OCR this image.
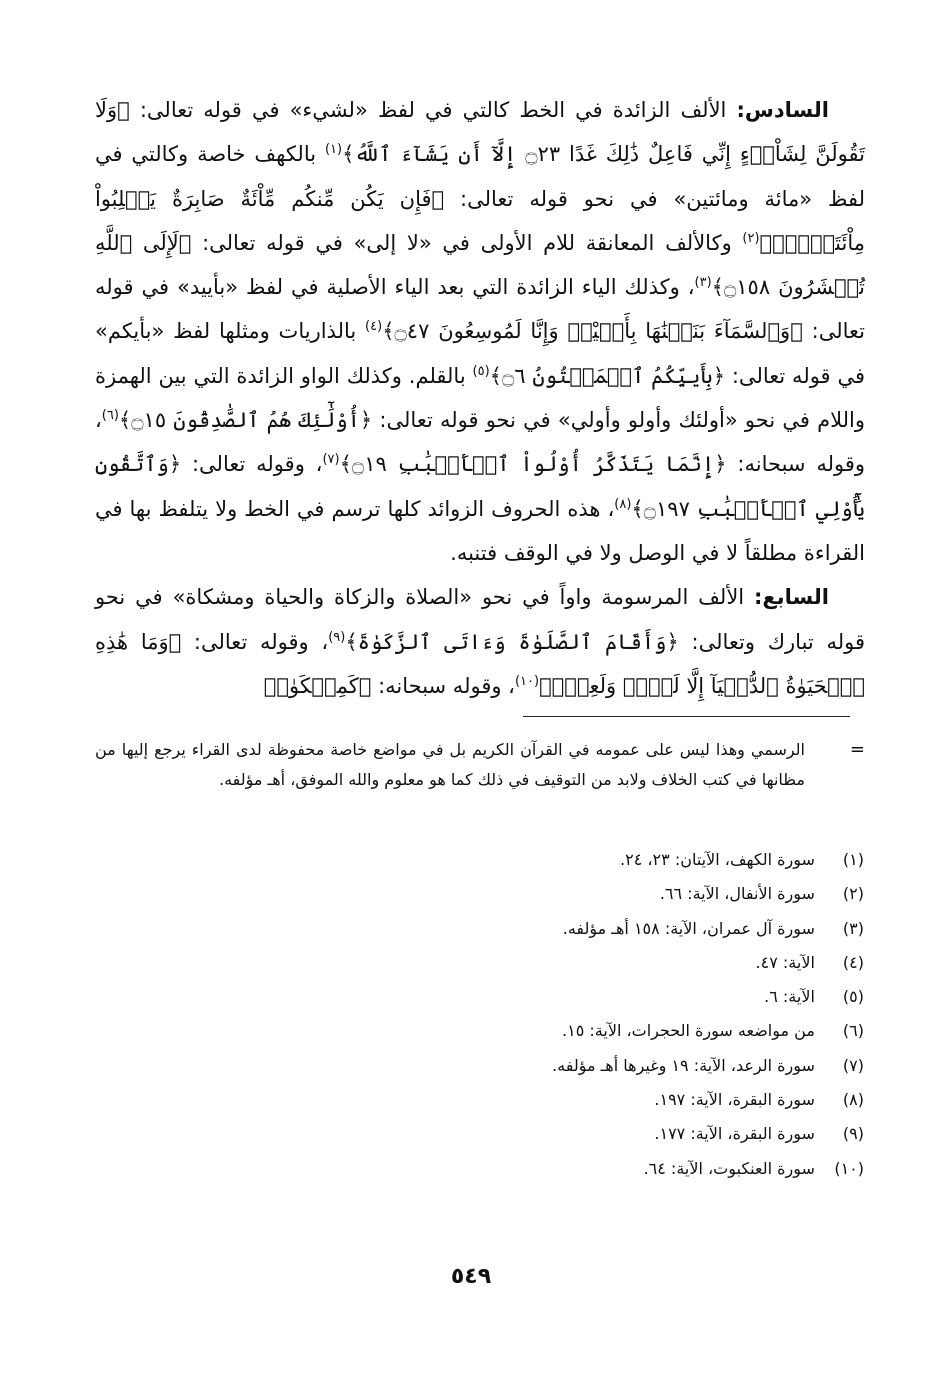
السادس: الألف الزائدة في الخط كالتي في لفظ «لشيء» في قوله تعالى: ﴿وَلَا تَقُولَنَّ لِشَاْىۡءٍ إِنِّي فَاعِلٌ ذَٰلِكَ غَدًا ۝٢٣ إِلَّآ أَن يَشَآءَ ٱللَّهُ﴾$^{(١)}$ بالكهف خاصة وكالتي في لفظ «مائة ومائتين» في نحو قوله تعالى: ﴿فَإِن يَكُن مِّنكُم مِّاْئَةٌ صَابِرَةٌ يَغۡلِبُواْ مِاْئَتَيۡنِۚ﴾$^{(٢)}$ وكالألف المعانقة للام الأولى في «لا إلى» في قوله تعالى: ﴿لَإِلَى ٱللَّهِ تُحۡشَرُونَ ۝١٥٨﴾$^{(٣)}$، وكذلك الياء الزائدة التي بعد الياء الأصلية في لفظ «بأييد» في قوله تعالى: ﴿وَٱلسَّمَآءَ بَنَيۡنَٰهَا بِأَيۡيْدٖ وَإِنَّا لَمُوسِعُونَ ۝٤٧﴾$^{(٤)}$ بالذاريات ومثلها لفظ «بأيكم» في قوله تعالى: ﴿بِأَييِّكُمُ ٱلۡمَفۡتُونُ ۝٦﴾$^{(٥)}$ بالقلم. وكذلك الواو الزائدة التي بين الهمزة واللام في نحو «أولئك وأولو وأولي» في نحو قوله تعالى: ﴿أُوْلَٰٓئِكَ هُمُ ٱلصَّٰدِقُونَ ۝١٥﴾$^{(٦)}$، وقوله سبحانه: ﴿إِنَّمَا يَتَذَكَّرُ أُوْلُواْ ٱلۡأَلۡبَٰبِ ۝١٩﴾$^{(٧)}$، وقوله تعالى: ﴿وَٱتَّقُونِ يَٰٓأُوْلِي ٱلۡأَلۡبَٰبِ ۝١٩٧﴾$^{(٨)}$، هذه الحروف الزوائد كلها ترسم في الخط ولا يتلفظ بها في القراءة مطلقاً لا في الوصل ولا في الوقف فتنبه.

السابع: الألف المرسومة واواً في نحو «الصلاة والزكاة والحياة ومشكاة» في نحو قوله تبارك وتعالى: ﴿وَأَقَامَ ٱلصَّلَوٰةَ وَءَاتَى ٱلزَّكَوٰةَ﴾$^{(٩)}$، وقوله تعالى: ﴿وَمَا هَٰذِهِ ٱلۡحَيَوٰةُ ٱلدُّنۡيَآ إِلَّا لَهۡوٞ وَلَعِبٞۚ﴾$^{(١٠)}$، وقوله سبحانه: ﴿كَمِشۡكَوٰةٖ

=
الرسمي وهذا ليس على عمومه في القرآن الكريم بل في مواضع خاصة محفوظة لدى القراء يرجع إليها من مظانها في كتب الخلاف ولابد من التوقيف في ذلك كما هو معلوم والله الموفق، أهـ مؤلفه.
(١) سورة الكهف، الآيتان: ٢٣، ٢٤.
(٢) سورة الأنفال، الآية: ٦٦.
(٣) سورة آل عمران، الآية: ١٥٨ أهـ مؤلفه.
(٤) الآية: ٤٧.
(٥) الآية: ٦.
(٦) من مواضعه سورة الحجرات، الآية: ١٥.
(٧) سورة الرعد، الآية: ١٩ وغيرها أهـ مؤلفه.
(٨) سورة البقرة، الآية: ١٩٧.
(٩) سورة البقرة، الآية: ١٧٧.
(١٠) سورة العنكبوت، الآية: ٦٤.
٥٤٩
